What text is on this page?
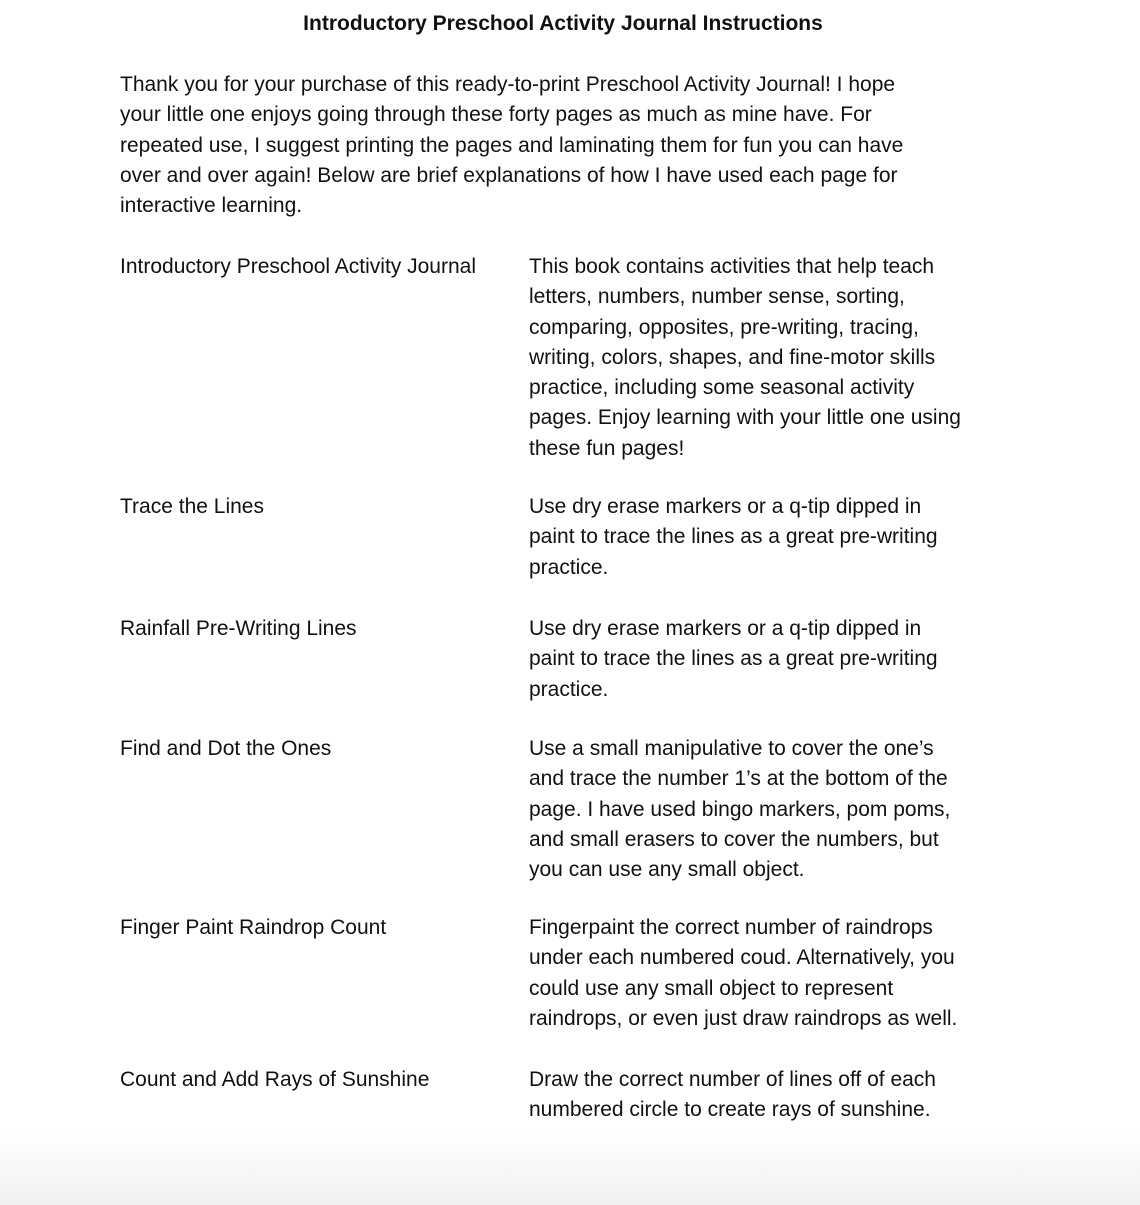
Introductory Preschool Activity Journal Instructions
Thank you for your purchase of this ready-to-print Preschool Activity Journal! I hope
your little one enjoys going through these forty pages as much as mine have. For
repeated use, I suggest printing the pages and laminating them for fun you can have
over and over again! Below are brief explanations of how I have used each page for
interactive learning.
Introductory Preschool Activity Journal	This book contains activities that help teach
letters, numbers, number sense, sorting,
comparing, opposites, pre-writing, tracing,
writing, colors, shapes, and fine-motor skills
practice, including some seasonal activity
pages. Enjoy learning with your little one using
these fun pages!
Trace the Lines	Use dry erase markers or a q-tip dipped in
paint to trace the lines as a great pre-writing
practice.
Rainfall Pre-Writing Lines	Use dry erase markers or a q-tip dipped in
paint to trace the lines as a great pre-writing
practice.
Find and Dot the Ones	Use a small manipulative to cover the one’s
and trace the number 1’s at the bottom of the
page. I have used bingo markers, pom poms,
and small erasers to cover the numbers, but
you can use any small object.
Finger Paint Raindrop Count	Fingerpaint the correct number of raindrops
under each numbered coud. Alternatively, you
could use any small object to represent
raindrops, or even just draw raindrops as well.
Count and Add Rays of Sunshine	Draw the correct number of lines off of each
numbered circle to create rays of sunshine.
